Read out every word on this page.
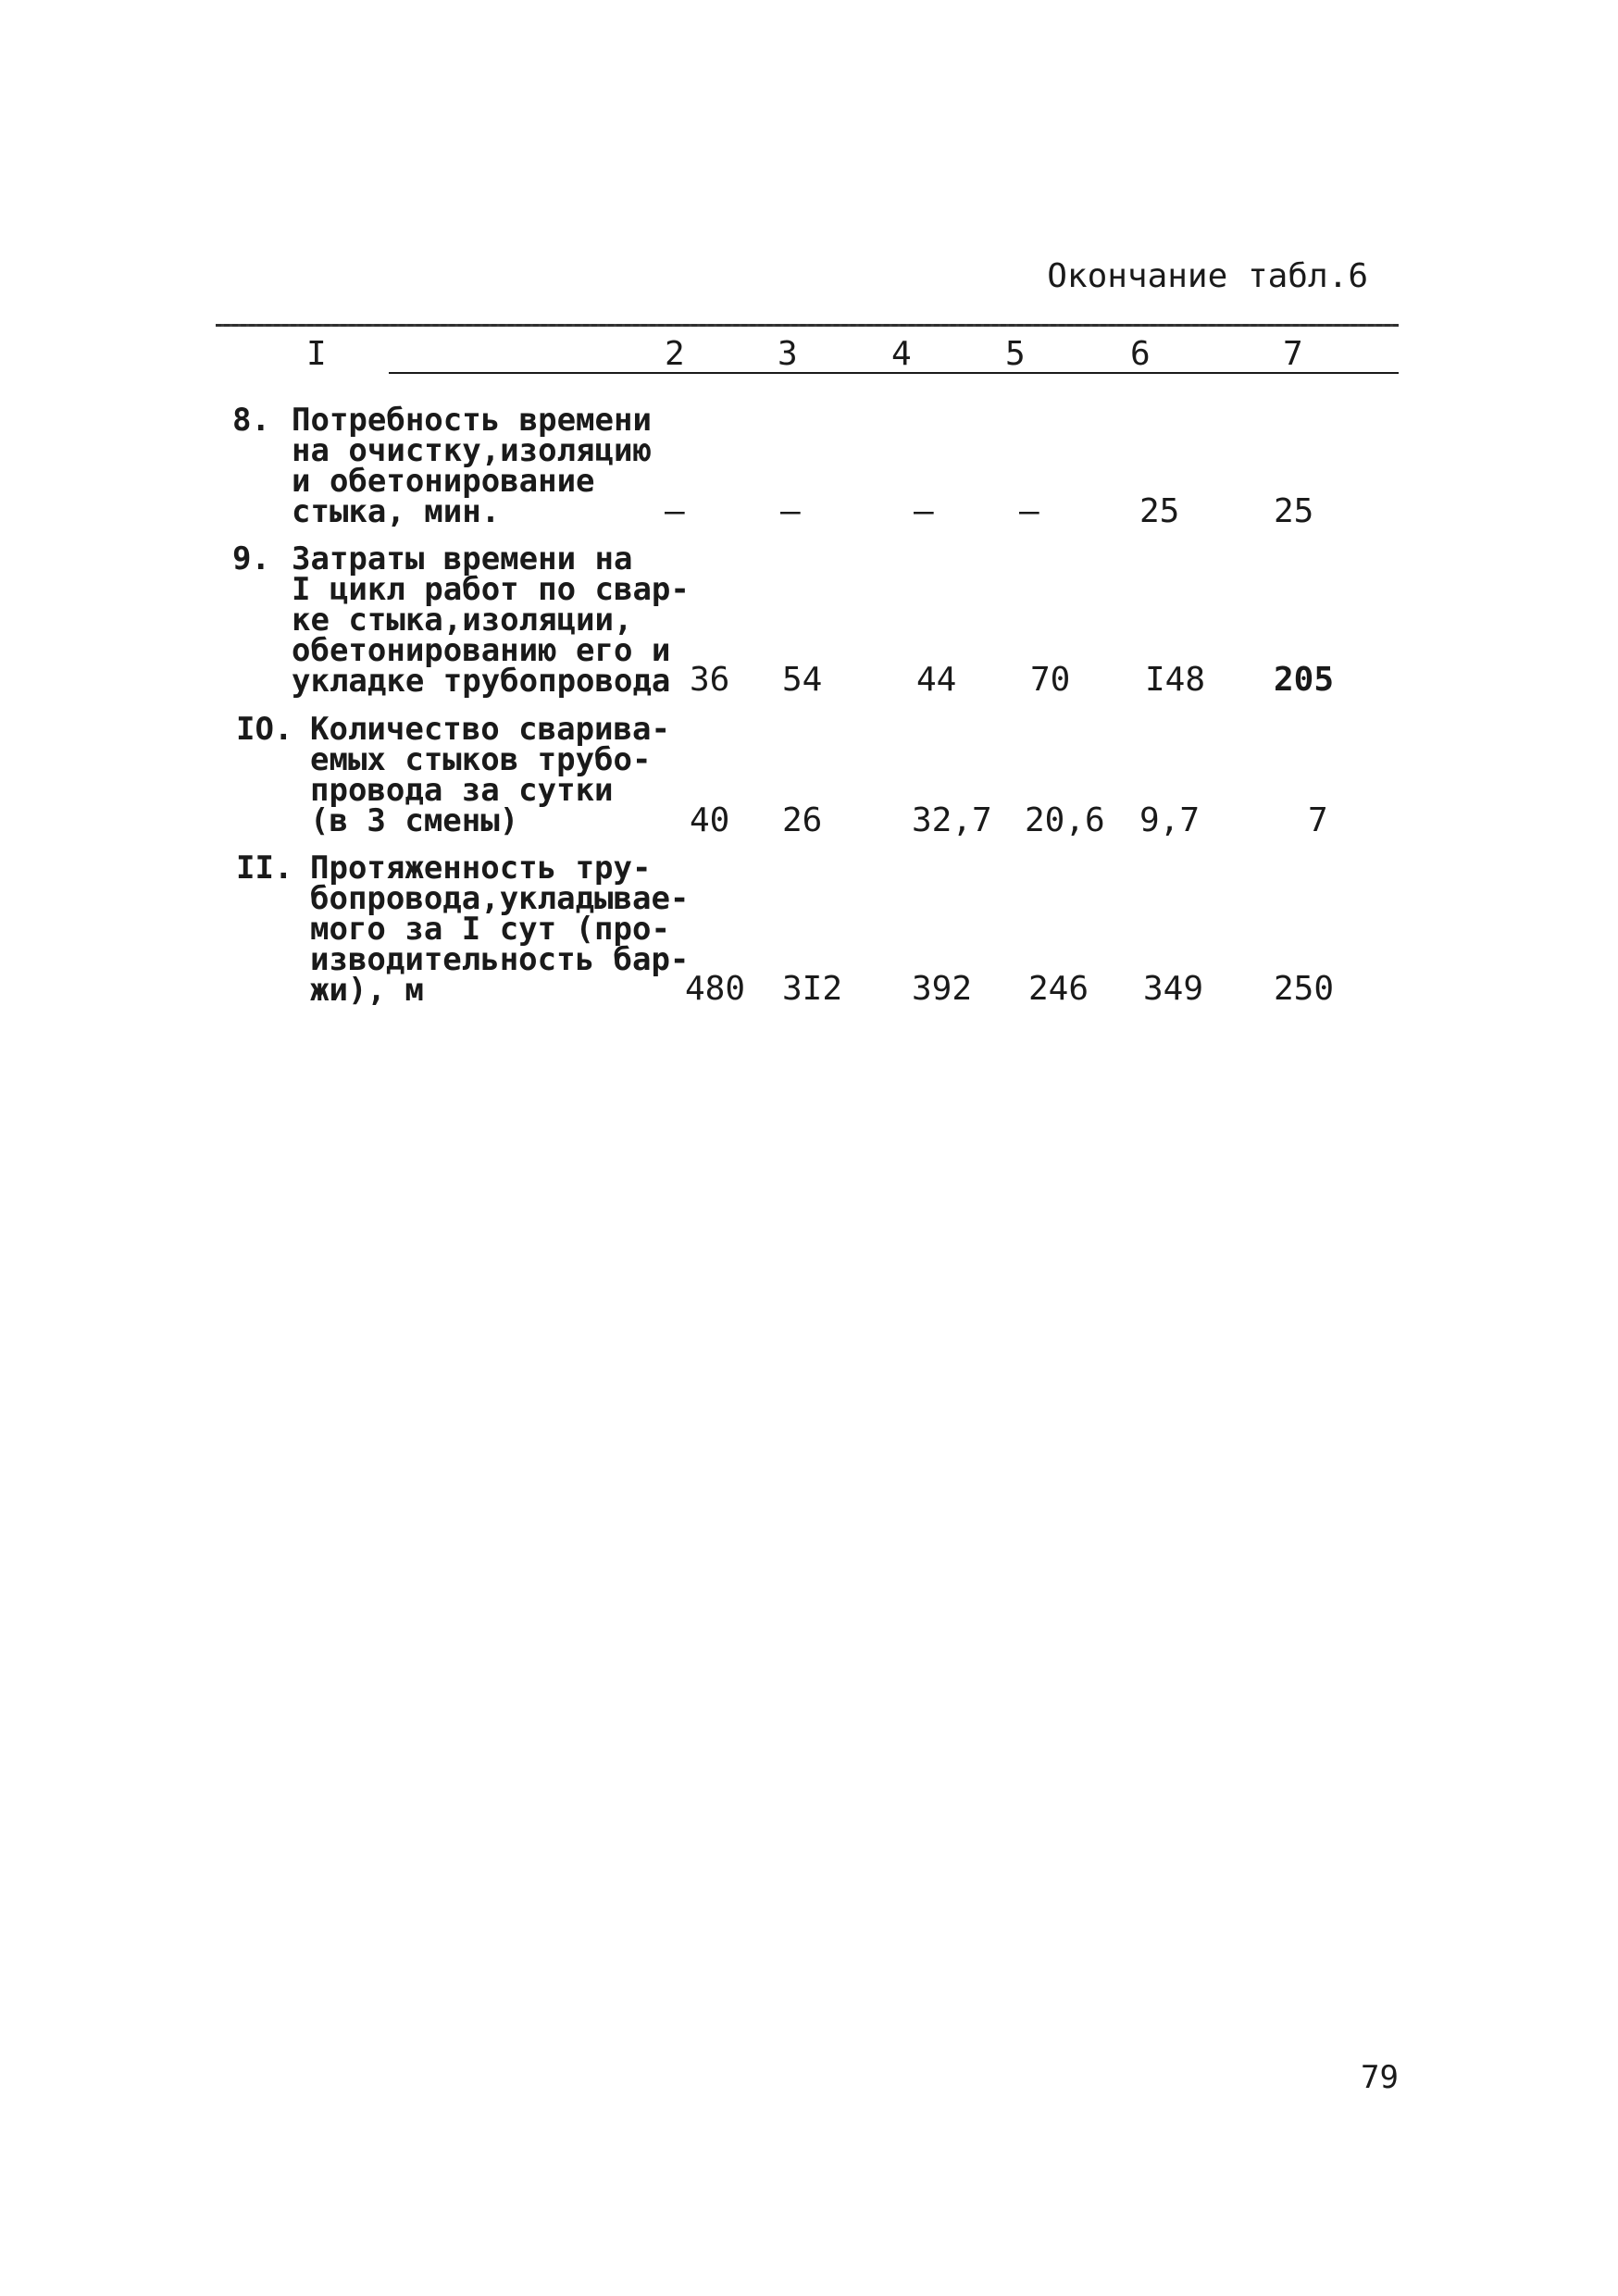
Окончание табл.6
I	2	3	4	5	6	7
8. Потребность времени
на очистку,изоляцию
и обетонирование
стыка, мин.	–	–	–	–	25	25
9. Затраты времени на
I цикл работ по свар-
ке стыка,изоляции,
обетонированию его и
укладке трубопровода 36 54	44 70 I48 205
IO. Количество сварива-
емых стыков трубо-
провода за сутки
(в 3 смены)	40 26	32,7 20,6 9,7	7
II. Протяженность тру-
бопровода,укладывае-
мого за I сут (про-
изводительность бар-
жи), м	480 3I2 392 246 349 250
79
